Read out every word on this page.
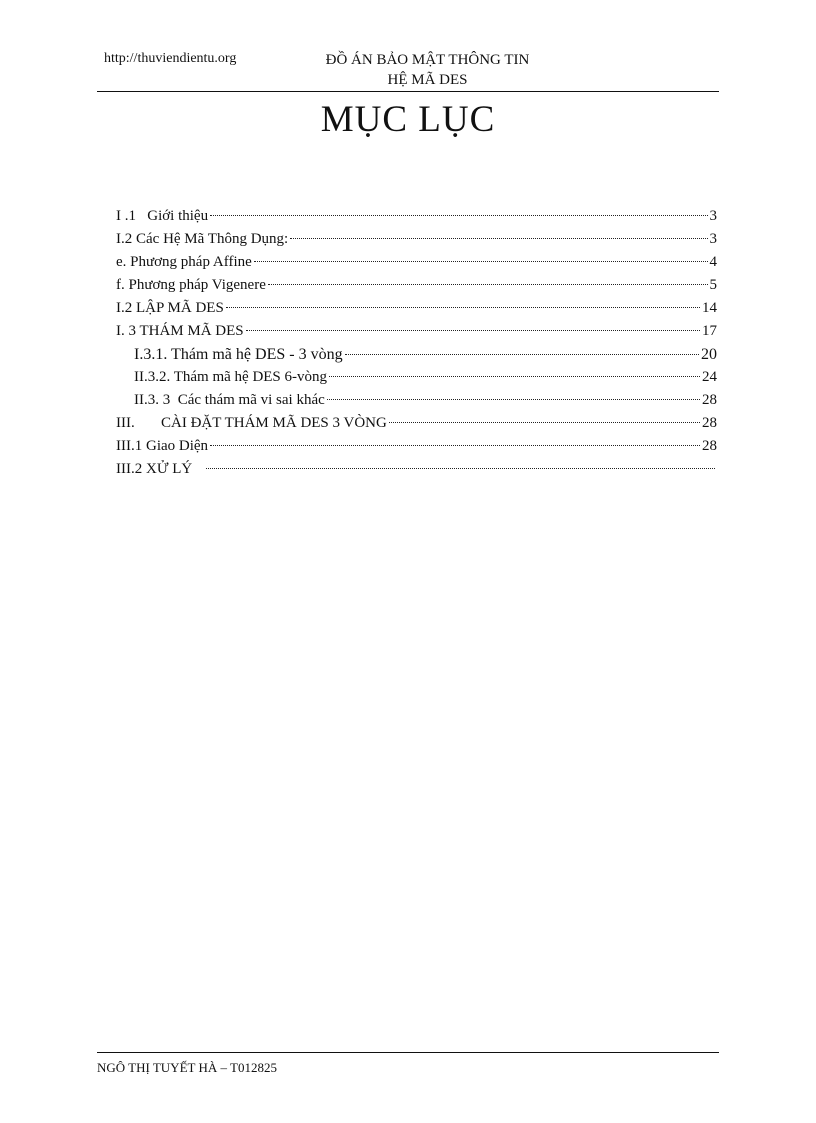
http://thuviendientu.org	ĐỒ ÁN BẢO MẬT THÔNG TIN
HỆ MÃ DES
MỤC LỤC
I .1   Giới thiệu	3
I.2 Các Hệ Mã Thông Dụng:	3
e. Phương pháp Affine	4
f. Phương pháp Vigenere	5
I.2 LẬP MÃ DES	14
I. 3 THÁM MÃ DES	17
I.3.1. Thám mã hệ DES - 3 vòng	20
II.3.2. Thám mã hệ DES 6-vòng	24
II.3. 3  Các thám mã vi sai khác	28
III.       CÀI ĐẶT THÁM MÃ DES 3 VÒNG	28
III.1 Giao Diện	28
III.2 XỬ LÝ
NGÔ THỊ TUYẾT HÀ – T012825
